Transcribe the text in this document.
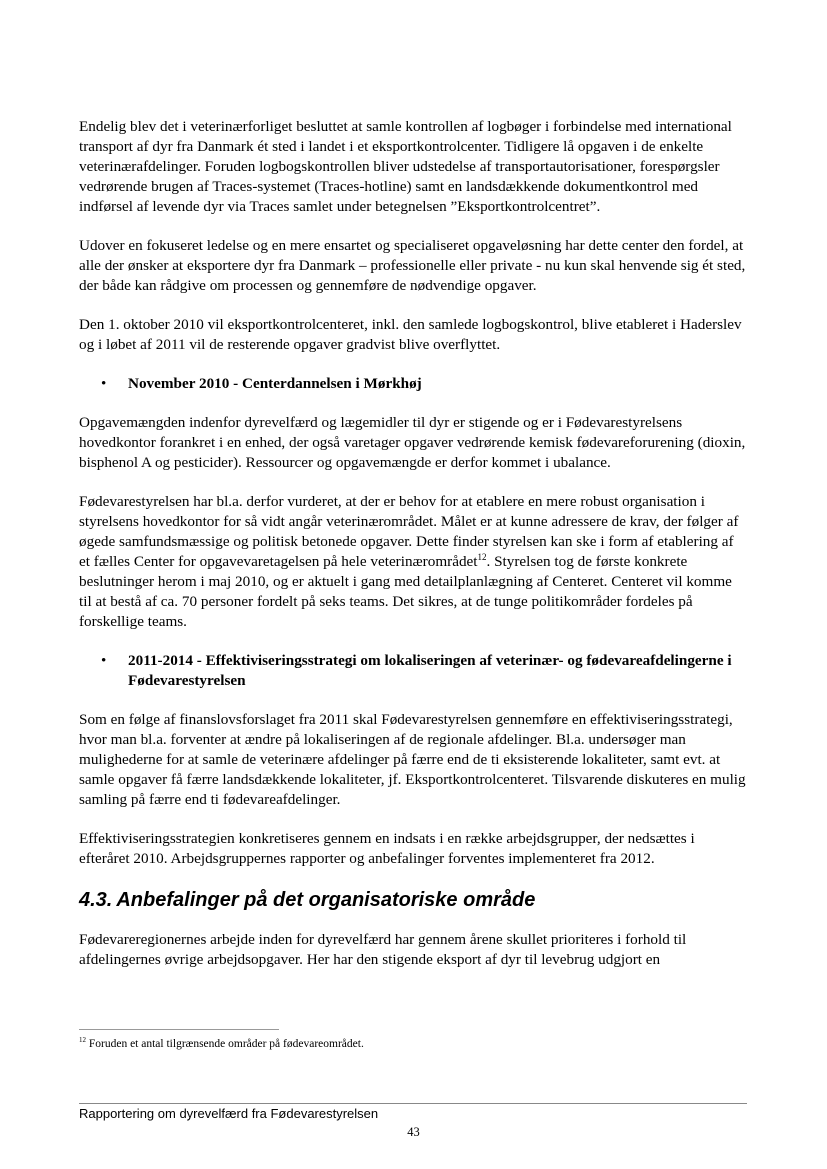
Endelig blev det i veterinærforliget besluttet at samle kontrollen af logbøger i forbindelse med international transport af dyr fra Danmark ét sted i landet i et eksportkontrolcenter. Tidligere lå opgaven i de enkelte veterinærafdelinger. Foruden logbogskontrollen bliver udstedelse af transportautorisationer, forespørgsler vedrørende brugen af Traces-systemet (Traces-hotline) samt en landsdækkende dokumentkontrol med indførsel af levende dyr via Traces samlet under betegnelsen ”Eksportkontrolcentret”.

Udover en fokuseret ledelse og en mere ensartet og specialiseret opgaveløsning har dette center den fordel, at alle der ønsker at eksportere dyr fra Danmark – professionelle eller private - nu kun skal henvende sig ét sted, der både kan rådgive om processen og gennemføre de nødvendige opgaver.

Den 1. oktober 2010 vil eksportkontrolcenteret, inkl. den samlede logbogskontrol, blive etableret i Haderslev og i løbet af 2011 vil de resterende opgaver gradvist blive overflyttet.

• November 2010 - Centerdannelsen i Mørkhøj

Opgavemængden indenfor dyrevelfærd og lægemidler til dyr er stigende og er i Fødevarestyrelsens hovedkontor forankret i en enhed, der også varetager opgaver vedrørende kemisk fødevareforurening (dioxin, bisphenol A og pesticider). Ressourcer og opgavemængde er derfor kommet i ubalance.

Fødevarestyrelsen har bl.a. derfor vurderet, at der er behov for at etablere en mere robust organisation i styrelsens hovedkontor for så vidt angår veterinærområdet. Målet er at kunne adressere de krav, der følger af øgede samfundsmæssige og politisk betonede opgaver. Dette finder styrelsen kan ske i form af etablering af et fælles Center for opgavevaretagelsen på hele veterinærområdet$^{12}$. Styrelsen tog de første konkrete beslutninger herom i maj 2010, og er aktuelt i gang med detailplanlægning af Centeret. Centeret vil komme til at bestå af ca. 70 personer fordelt på seks teams. Det sikres, at de tunge politikområder fordeles på forskellige teams.

• 2011-2014 - Effektiviseringsstrategi om lokaliseringen af veterinær- og fødevareafdelingerne i Fødevarestyrelsen

Som en følge af finanslovsforslaget fra 2011 skal Fødevarestyrelsen gennemføre en effektiviseringsstrategi, hvor man bl.a. forventer at ændre på lokaliseringen af de regionale afdelinger. Bl.a. undersøger man mulighederne for at samle de veterinære afdelinger på færre end de ti eksisterende lokaliteter, samt evt. at samle opgaver få færre landsdækkende lokaliteter, jf. Eksportkontrolcenteret. Tilsvarende diskuteres en mulig samling på færre end ti fødevareafdelinger.

Effektiviseringsstrategien konkretiseres gennem en indsats i en række arbejdsgrupper, der nedsættes i efteråret 2010. Arbejdsgruppernes rapporter og anbefalinger forventes implementeret fra 2012.

4.3. Anbefalinger på det organisatoriske område

Fødevareregionernes arbejde inden for dyrevelfærd har gennem årene skullet prioriteres i forhold til afdelingernes øvrige arbejdsopgaver. Her har den stigende eksport af dyr til levebrug udgjort en

$^{12}$ Foruden et antal tilgrænsende områder på fødevareområdet.
Rapportering om dyrevelfærd fra Fødevarestyrelsen
43
